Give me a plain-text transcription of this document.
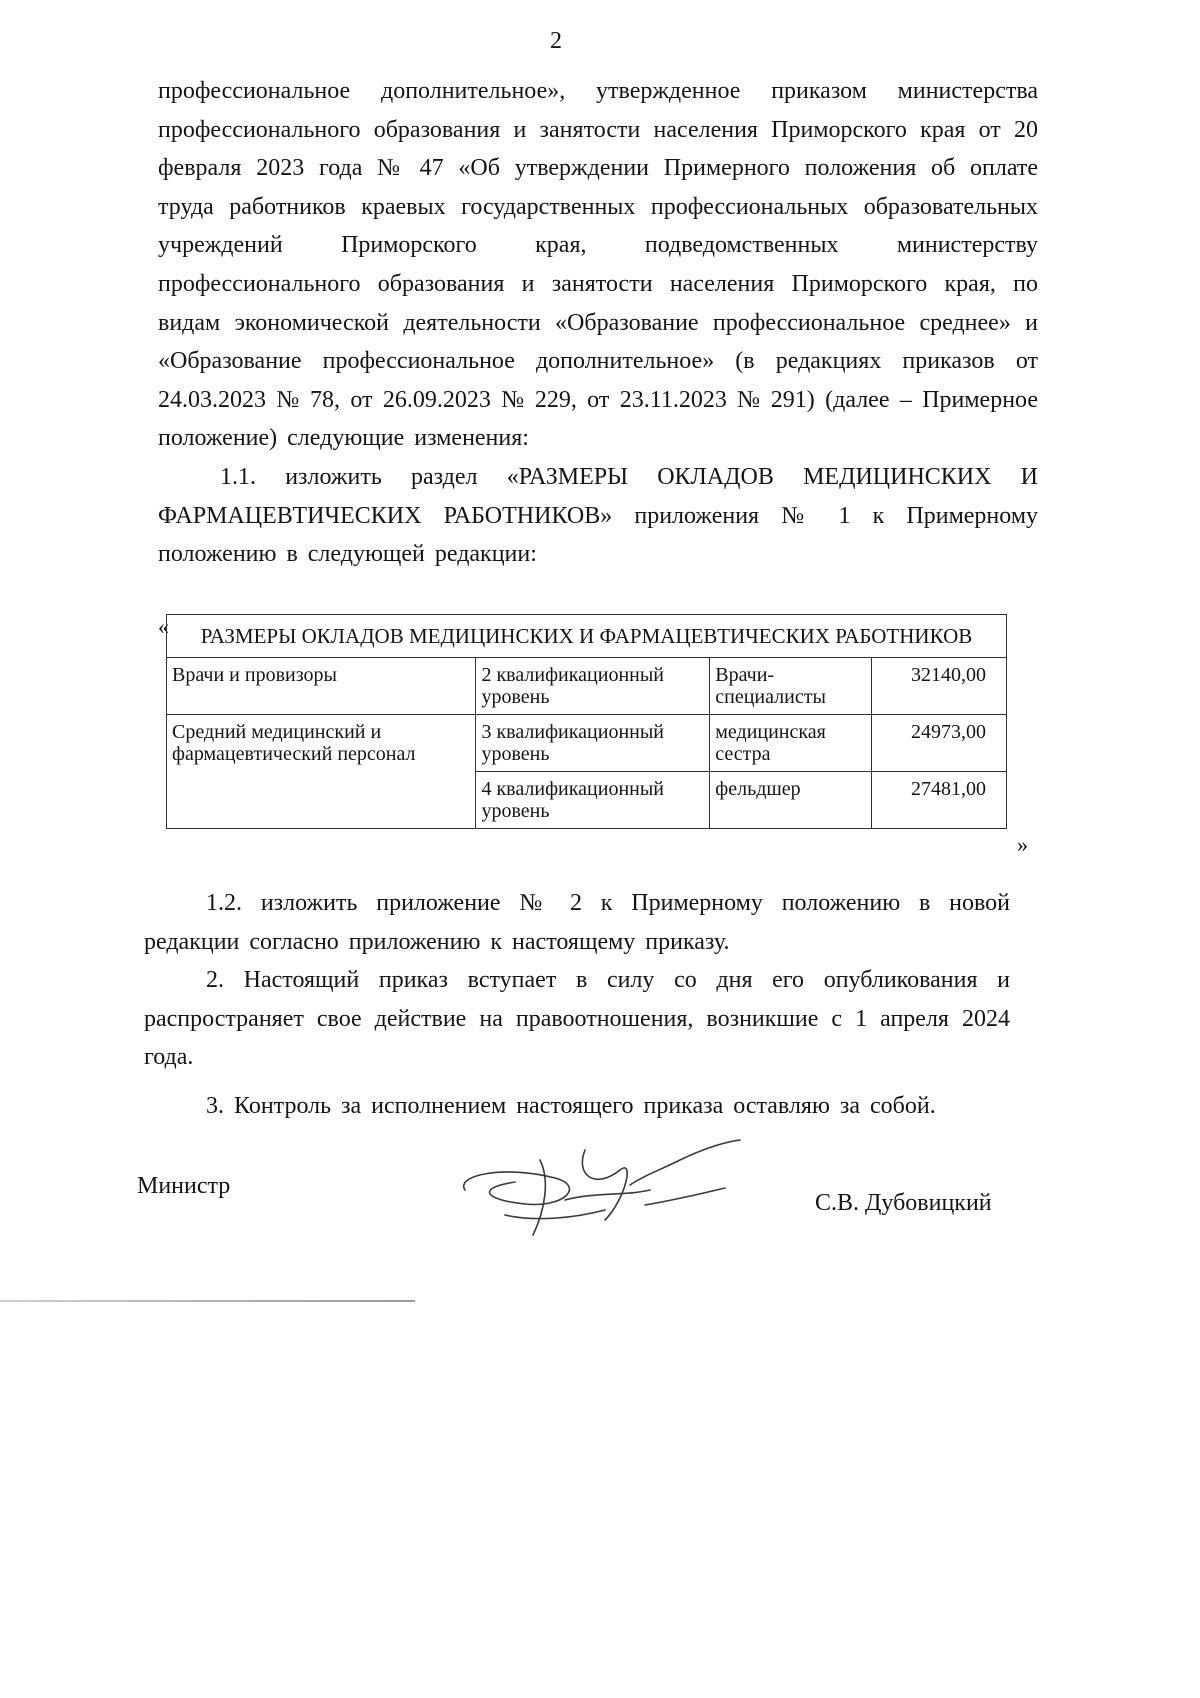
2

профессиональное дополнительное», утвержденное приказом министерства профессионального образования и занятости населения Приморского края от 20 февраля 2023 года № 47 «Об утверждении Примерного положения об оплате труда работников краевых государственных профессиональных образовательных учреждений Приморского края, подведомственных министерству профессионального образования и занятости населения Приморского края, по видам экономической деятельности «Образование профессиональное среднее» и «Образование профессиональное дополнительное» (в редакциях приказов от 24.03.2023 № 78, от 26.09.2023 № 229, от 23.11.2023 № 291) (далее – Примерное положение) следующие изменения:

1.1. изложить раздел «РАЗМЕРЫ ОКЛАДОВ МЕДИЦИНСКИХ И ФАРМАЦЕВТИЧЕСКИХ РАБОТНИКОВ» приложения № 1 к Примерному положению в следующей редакции:

« РАЗМЕРЫ ОКЛАДОВ МЕДИЦИНСКИХ И ФАРМАЦЕВТИЧЕСКИХ РАБОТНИКОВ			
Врачи и провизоры	2 квалификационный уровень	Врачи-специалисты	32140,00
Средний медицинский и фармацевтический персонал	3 квалификационный уровень	медицинская сестра	24973,00
	4 квалификационный уровень	фельдшер	27481,00
»

1.2. изложить приложение № 2 к Примерному положению в новой редакции согласно приложению к настоящему приказу.

2. Настоящий приказ вступает в силу со дня его опубликования и распространяет свое действие на правоотношения, возникшие с 1 апреля 2024 года.

3. Контроль за исполнением настоящего приказа оставляю за собой.

Министр
С.В. Дубовицкий
